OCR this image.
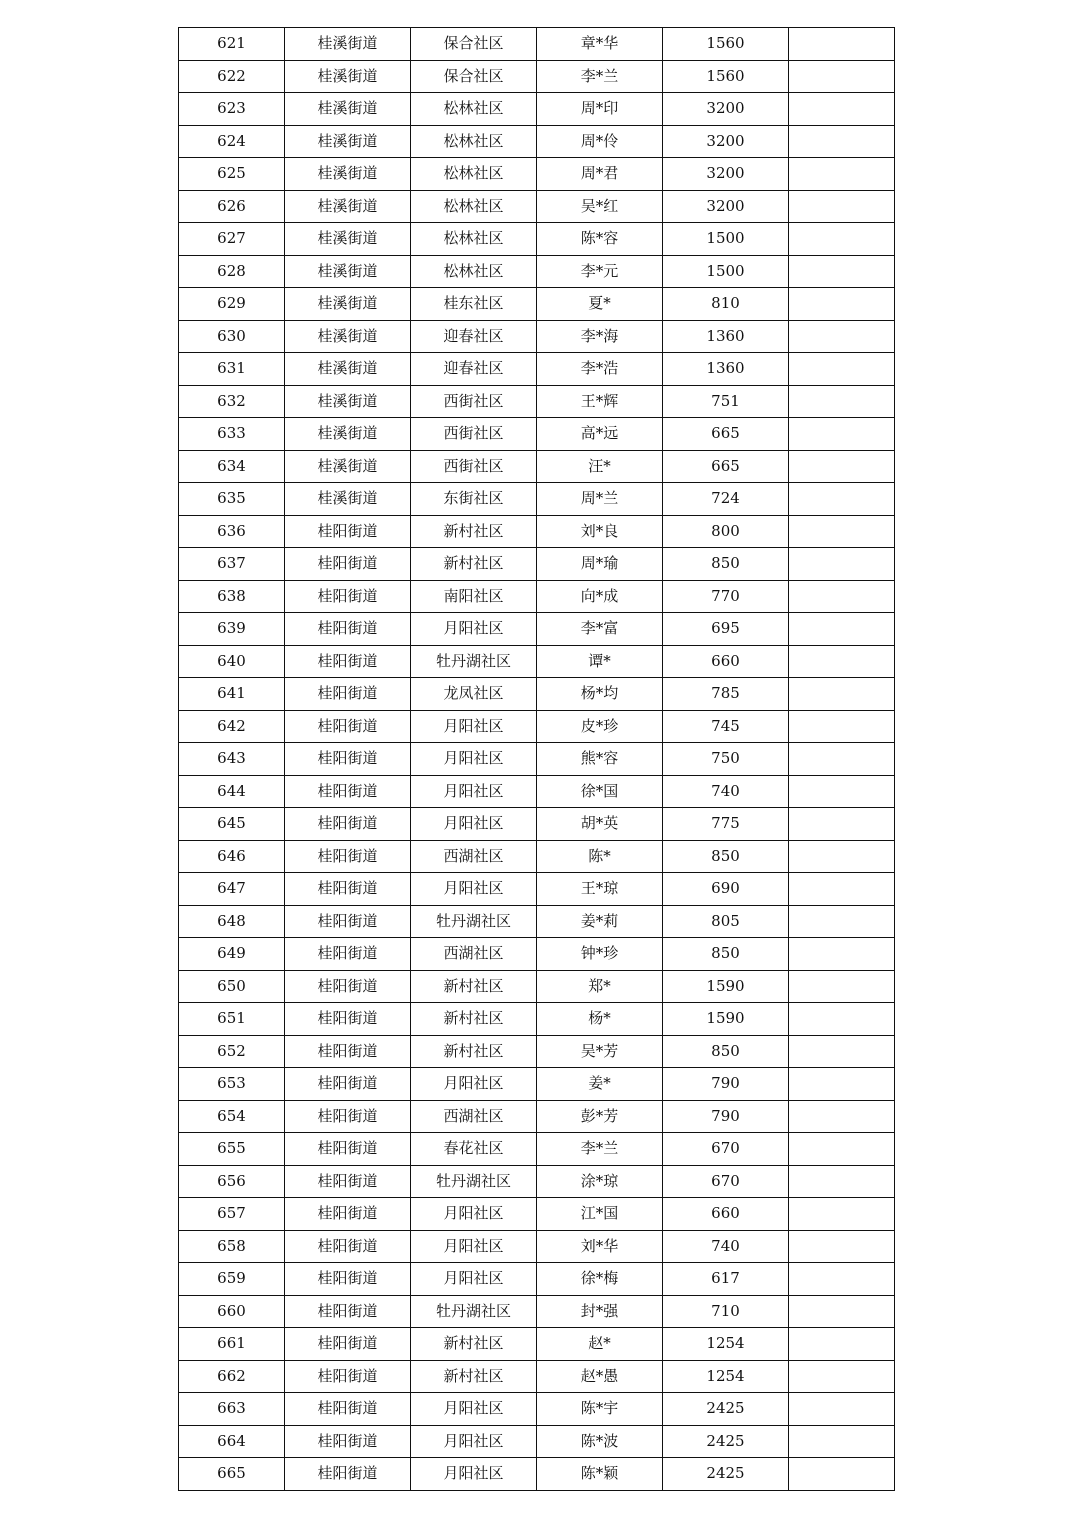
621	桂溪街道	保合社区	章*华	1560	
622	桂溪街道	保合社区	李*兰	1560	
623	桂溪街道	松林社区	周*印	3200	
624	桂溪街道	松林社区	周*伶	3200	
625	桂溪街道	松林社区	周*君	3200	
626	桂溪街道	松林社区	吴*红	3200	
627	桂溪街道	松林社区	陈*容	1500	
628	桂溪街道	松林社区	李*元	1500	
629	桂溪街道	桂东社区	夏*	810	
630	桂溪街道	迎春社区	李*海	1360	
631	桂溪街道	迎春社区	李*浩	1360	
632	桂溪街道	西街社区	王*辉	751	
633	桂溪街道	西街社区	高*远	665	
634	桂溪街道	西街社区	汪*	665	
635	桂溪街道	东街社区	周*兰	724	
636	桂阳街道	新村社区	刘*良	800	
637	桂阳街道	新村社区	周*瑜	850	
638	桂阳街道	南阳社区	向*成	770	
639	桂阳街道	月阳社区	李*富	695	
640	桂阳街道	牡丹湖社区	谭*	660	
641	桂阳街道	龙凤社区	杨*均	785	
642	桂阳街道	月阳社区	皮*珍	745	
643	桂阳街道	月阳社区	熊*容	750	
644	桂阳街道	月阳社区	徐*国	740	
645	桂阳街道	月阳社区	胡*英	775	
646	桂阳街道	西湖社区	陈*	850	
647	桂阳街道	月阳社区	王*琼	690	
648	桂阳街道	牡丹湖社区	姜*莉	805	
649	桂阳街道	西湖社区	钟*珍	850	
650	桂阳街道	新村社区	郑*	1590	
651	桂阳街道	新村社区	杨*	1590	
652	桂阳街道	新村社区	吴*芳	850	
653	桂阳街道	月阳社区	姜*	790	
654	桂阳街道	西湖社区	彭*芳	790	
655	桂阳街道	春花社区	李*兰	670	
656	桂阳街道	牡丹湖社区	涂*琼	670	
657	桂阳街道	月阳社区	江*国	660	
658	桂阳街道	月阳社区	刘*华	740	
659	桂阳街道	月阳社区	徐*梅	617	
660	桂阳街道	牡丹湖社区	封*强	710	
661	桂阳街道	新村社区	赵*	1254	
662	桂阳街道	新村社区	赵*愚	1254	
663	桂阳街道	月阳社区	陈*宇	2425	
664	桂阳街道	月阳社区	陈*波	2425	
665	桂阳街道	月阳社区	陈*颖	2425	
